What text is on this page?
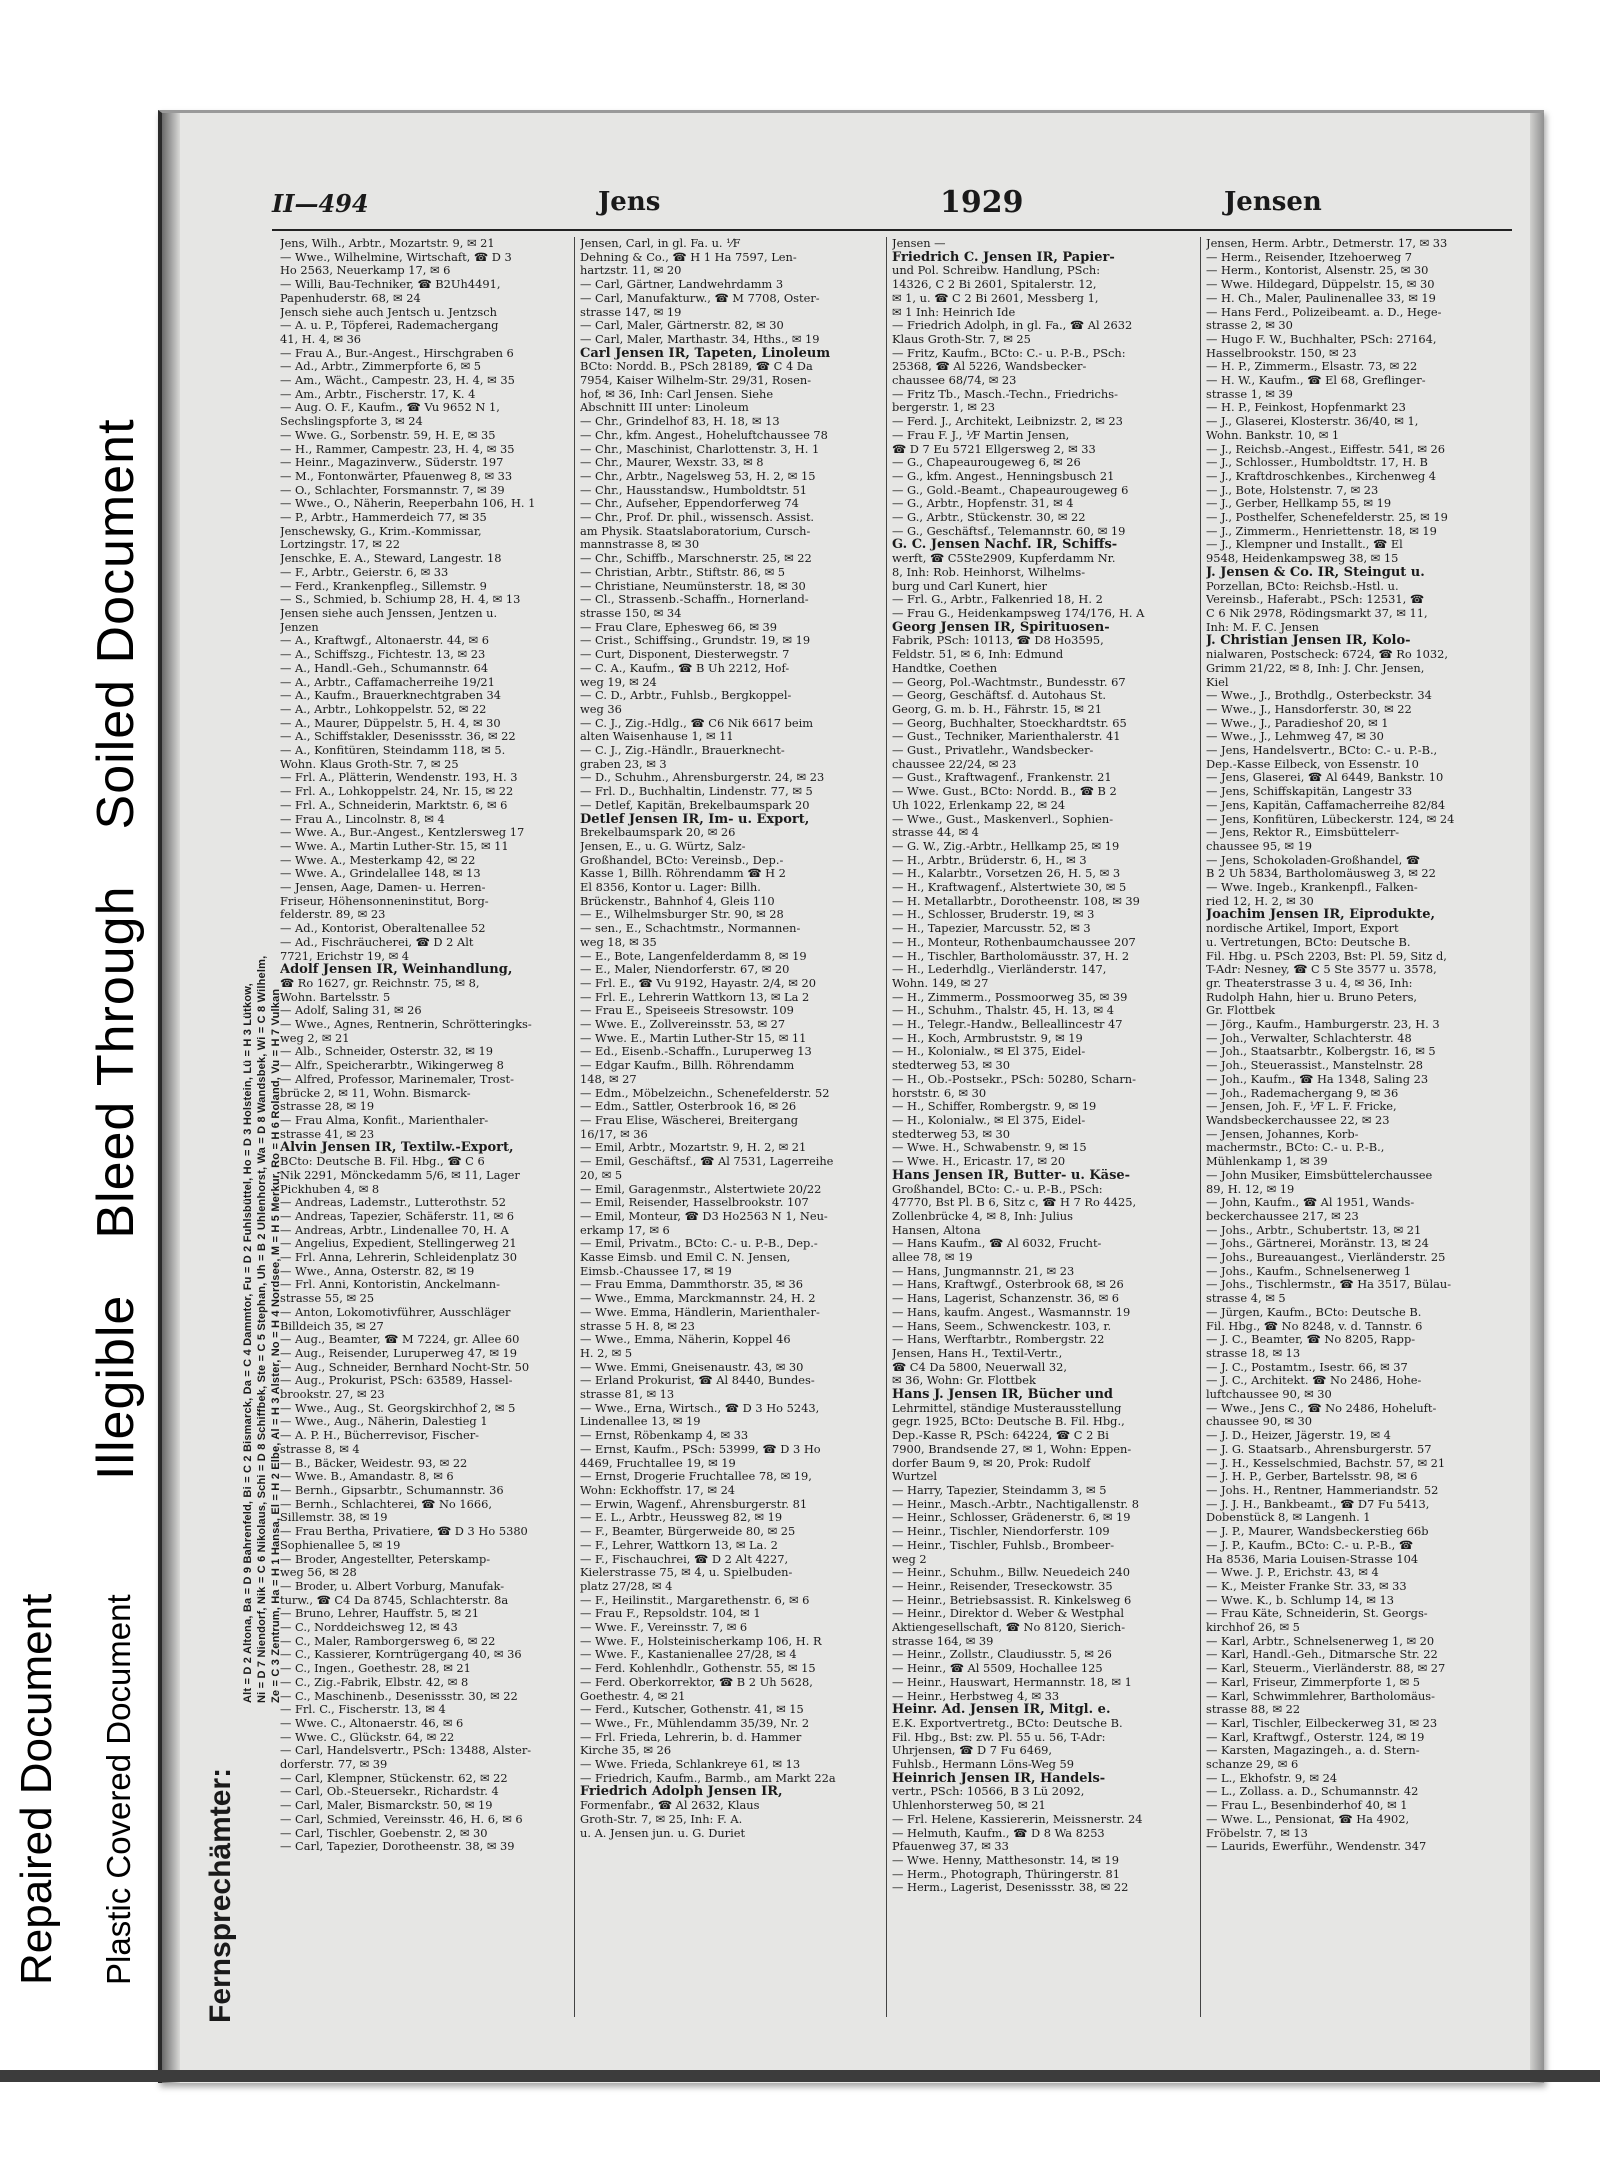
IllegibleBleed ThroughSoiled Document
Repaired Document Plastic Covered Document
II—494	Jens	1929	Jensen
Fernsprechämter:
Alt = D 2 Altona, Ba = D 9 Bahrenfeld, Bi = C 2 Bismarck, Da = C 4 Dammtor, Fu = D 2 Fuhlsbüttel, Ho = D 3 Holstein, Lü = H 3 Lütkow, Ni = D 7 Niendorf, Nik = C 6 Nikolaus, Schi = D 8 Schiffbek, Ste = C 5 Stephan, Uh = B 2 Uhlenhorst, Wa = D 8 Wandsbek, Wi = C 8 Wilhelm, Ze = C 3 Zentrum, Ha = H 1 Hansa, El = H 2 Elbe, Al = H 3 Alster, No = H 4 Nordsee, M = H 5 Merkur, Ro = H 6 Roland, Vu = H 7 Vulkan
Jens, Wilh., Arbtr., Mozartstr. 9, ✉ 21
— Wwe., Wilhelmine, Wirtschaft, ☎ D 3
Ho 2563, Neuerkamp 17, ✉ 6
— Willi, Bau-Techniker, ☎ B2Uh4491,
Papenhuderstr. 68, ✉ 24
Jensch siehe auch Jentsch u. Jentzsch
— A. u. P., Töpferei, Rademachergang
41, H. 4, ✉ 36
— Frau A., Bur.-Angest., Hirschgraben 6
— Ad., Arbtr., Zimmerpforte 6, ✉ 5
— Am., Wächt., Campestr. 23, H. 4, ✉ 35
— Am., Arbtr., Fischerstr. 17, K. 4
— Aug. O. F., Kaufm., ☎ Vu 9652 N 1,
Sechslingspforte 3, ✉ 24
— Wwe. G., Sorbenstr. 59, H. E, ✉ 35
— H., Rammer, Campestr. 23, H. 4, ✉ 35
— Heinr., Magazinverw., Süderstr. 197
— M., Fontonwärter, Pfauenweg 8, ✉ 33
— O., Schlachter, Forsmannstr. 7, ✉ 39
— Wwe., O., Näherin, Reeperbahn 106, H. 1
— P., Arbtr., Hammerdeich 77, ✉ 35
Jenschewsky, G., Krim.-Kommissar,
Lortzingstr. 17, ✉ 22
Jenschke, E. A., Steward, Langestr. 18
— F., Arbtr., Geierstr. 6, ✉ 33
— Ferd., Krankenpfleg., Sillemstr. 9
— S., Schmied, b. Schiump 28, H. 4, ✉ 13
Jensen siehe auch Jenssen, Jentzen u.
Jenzen
— A., Kraftwgf., Altonaerstr. 44, ✉ 6
— A., Schiffszg., Fichtestr. 13, ✉ 23
— A., Handl.-Geh., Schumannstr. 64
— A., Arbtr., Caffamacherreihe 19/21
— A., Kaufm., Brauerknechtgraben 34
— A., Arbtr., Lohkoppelstr. 52, ✉ 22
— A., Maurer, Düppelstr. 5, H. 4, ✉ 30
— A., Schiffstakler, Desenissstr. 36, ✉ 22
— A., Konfitüren, Steindamm 118, ✉ 5.
Wohn. Klaus Groth-Str. 7, ✉ 25
— Frl. A., Plätterin, Wendenstr. 193, H. 3
— Frl. A., Lohkoppelstr. 24, Nr. 15, ✉ 22
— Frl. A., Schneiderin, Marktstr. 6, ✉ 6
— Frau A., Lincolnstr. 8, ✉ 4
— Wwe. A., Bur.-Angest., Kentzlersweg 17
— Wwe. A., Martin Luther-Str. 15, ✉ 11
— Wwe. A., Mesterkamp 42, ✉ 22
— Wwe. A., Grindelallee 148, ✉ 13
— Jensen, Aage, Damen- u. Herren-
Friseur, Höhensonneninstitut, Borg-
felderstr. 89, ✉ 23
— Ad., Kontorist, Oberaltenallee 52
— Ad., Fischräucherei, ☎ D 2 Alt
7721, Erichstr 19, ✉ 4
Adolf Jensen IR, Weinhandlung,
☎ Ro 1627, gr. Reichnstr. 75, ✉ 8,
Wohn. Bartelsstr. 5
— Adolf, Saling 31, ✉ 26
— Wwe., Agnes, Rentnerin, Schrötteringks-
weg 2, ✉ 21
— Alb., Schneider, Osterstr. 32, ✉ 19
— Alfr., Speicherarbtr., Wikingerweg 8
— Alfred, Professor, Marinemaler, Trost-
brücke 2, ✉ 11, Wohn. Bismarck-
strasse 28, ✉ 19
— Frau Alma, Konfit., Marienthaler-
strasse 41, ✉ 23
Alvin Jensen IR, Textilw.-Export,
BCto: Deutsche B. Fil. Hbg., ☎ C 6
Nik 2291, Mönckedamm 5/6, ✉ 11, Lager
Pickhuben 4, ✉ 8
— Andreas, Lademstr., Lutterothstr. 52
— Andreas, Tapezier, Schäferstr. 11, ✉ 6
— Andreas, Arbtr., Lindenallee 70, H. A
— Angelius, Expedient, Stellingerweg 21
— Frl. Anna, Lehrerin, Schleidenplatz 30
— Wwe., Anna, Osterstr. 82, ✉ 19
— Frl. Anni, Kontoristin, Anckelmann-
strasse 55, ✉ 25
— Anton, Lokomotivführer, Ausschläger
Billdeich 35, ✉ 27
— Aug., Beamter, ☎ M 7224, gr. Allee 60
— Aug., Reisender, Luruperweg 47, ✉ 19
— Aug., Schneider, Bernhard Nocht-Str. 50
— Aug., Prokurist, PSch: 63589, Hassel-
brookstr. 27, ✉ 23
— Wwe., Aug., St. Georgskirchhof 2, ✉ 5
— Wwe., Aug., Näherin, Dalestieg 1
— A. P. H., Bücherrevisor, Fischer-
strasse 8, ✉ 4
— B., Bäcker, Weidestr. 93, ✉ 22
— Wwe. B., Amandastr. 8, ✉ 6
— Bernh., Gipsarbtr., Schumannstr. 36
— Bernh., Schlachterei, ☎ No 1666,
Sillemstr. 38, ✉ 19
— Frau Bertha, Privatiere, ☎ D 3 Ho 5380
Sophienallee 5, ✉ 19
— Broder, Angestellter, Peterskamp-
weg 56, ✉ 28
— Broder, u. Albert Vorburg, Manufak-
turw., ☎ C4 Da 8745, Schlachterstr. 8a
— Bruno, Lehrer, Hauffstr. 5, ✉ 21
— C., Norddeichsweg 12, ✉ 43
— C., Maler, Ramborgersweg 6, ✉ 22
— C., Kassierer, Korntrügergang 40, ✉ 36
— C., Ingen., Goethestr. 28, ✉ 21
— C., Zig.-Fabrik, Elbstr. 42, ✉ 8
— C., Maschinenb., Desenissstr. 30, ✉ 22
— Frl. C., Fischerstr. 13, ✉ 4
— Wwe. C., Altonaerstr. 46, ✉ 6
— Wwe. C., Glückstr. 64, ✉ 22
— Carl, Handelsvertr., PSch: 13488, Alster-
dorferstr. 77, ✉ 39
— Carl, Klempner, Stückenstr. 62, ✉ 22
— Carl, Ob.-Steuersekr., Richardstr. 4
— Carl, Maler, Bismarckstr. 50, ✉ 19
— Carl, Schmied, Vereinsstr. 46, H. 6, ✉ 6
— Carl, Tischler, Goebenstr. 2, ✉ 30
— Carl, Tapezier, Dorotheenstr. 38, ✉ 39
Jensen, Carl, in gl. Fa. u. ⅟F
Dehning & Co., ☎ H 1 Ha 7597, Len-
hartzstr. 11, ✉ 20
— Carl, Gärtner, Landwehrdamm 3
— Carl, Manufakturw., ☎ M 7708, Oster-
strasse 147, ✉ 19
— Carl, Maler, Gärtnerstr. 82, ✉ 30
— Carl, Maler, Marthastr. 34, Hths., ✉ 19
Carl Jensen IR, Tapeten, Linoleum
BCto: Nordd. B., PSch 28189, ☎ C 4 Da
7954, Kaiser Wilhelm-Str. 29/31, Rosen-
hof, ✉ 36, Inh: Carl Jensen. Siehe
Abschnitt III unter: Linoleum
— Chr., Grindelhof 83, H. 18, ✉ 13
— Chr., kfm. Angest., Hoheluftchaussee 78
— Chr., Maschinist, Charlottenstr. 3, H. 1
— Chr., Maurer, Wexstr. 33, ✉ 8
— Chr., Arbtr., Nagelsweg 53, H. 2, ✉ 15
— Chr., Hausstandsw., Humboldtstr. 51
— Chr., Aufseher, Eppendorferweg 74
— Chr., Prof. Dr. phil., wissensch. Assist.
am Physik. Staatslaboratorium, Cursch-
mannstrasse 8, ✉ 30
— Chr., Schiffb., Marschnerstr. 25, ✉ 22
— Christian, Arbtr., Stiftstr. 86, ✉ 5
— Christiane, Neumünsterstr. 18, ✉ 30
— Cl., Strassenb.-Schaffn., Hornerland-
strasse 150, ✉ 34
— Frau Clare, Ephesweg 66, ✉ 39
— Crist., Schiffsing., Grundstr. 19, ✉ 19
— Curt, Disponent, Diesterwegstr. 7
— C. A., Kaufm., ☎ B Uh 2212, Hof-
weg 19, ✉ 24
— C. D., Arbtr., Fuhlsb., Bergkoppel-
weg 36
— C. J., Zig.-Hdlg., ☎ C6 Nik 6617 beim
alten Waisenhause 1, ✉ 11
— C. J., Zig.-Händlr., Brauerknecht-
graben 23, ✉ 3
— D., Schuhm., Ahrensburgerstr. 24, ✉ 23
— Frl. D., Buchhaltin, Lindenstr. 77, ✉ 5
— Detlef, Kapitän, Brekelbaumspark 20
Detlef Jensen IR, Im- u. Export,
Brekelbaumspark 20, ✉ 26
Jensen, E., u. G. Würtz, Salz-
Großhandel, BCto: Vereinsb., Dep.-
Kasse 1, Billh. Röhrendamm ☎ H 2
El 8356, Kontor u. Lager: Billh.
Brückenstr., Bahnhof 4, Gleis 110
— E., Wilhelmsburger Str. 90, ✉ 28
— sen., E., Schachtmstr., Normannen-
weg 18, ✉ 35
— E., Bote, Langenfelderdamm 8, ✉ 19
— E., Maler, Niendorferstr. 67, ✉ 20
— Frl. E., ☎ Vu 9192, Hayastr. 2/4, ✉ 20
— Frl. E., Lehrerin Wattkorn 13, ✉ La 2
— Frau E., Speiseeis Stresowstr. 109
— Wwe. E., Zollvereinsstr. 53, ✉ 27
— Wwe. E., Martin Luther-Str 15, ✉ 11
— Ed., Eisenb.-Schaffn., Luruperweg 13
— Edgar Kaufm., Billh. Röhrendamm
148, ✉ 27
— Edm., Möbelzeichn., Schenefelderstr. 52
— Edm., Sattler, Osterbrook 16, ✉ 26
— Frau Elise, Wäscherei, Breitergang
16/17, ✉ 36
— Emil, Arbtr., Mozartstr. 9, H. 2, ✉ 21
— Emil, Geschäftsf., ☎ Al 7531, Lagerreihe
20, ✉ 5
— Emil, Garagenmstr., Alstertwiete 20/22
— Emil, Reisender, Hasselbrookstr. 107
— Emil, Monteur, ☎ D3 Ho2563 N 1, Neu-
erkamp 17, ✉ 6
— Emil, Privatm., BCto: C.- u. P.-B., Dep.-
Kasse Eimsb. und Emil C. N. Jensen,
Eimsb.-Chaussee 17, ✉ 19
— Frau Emma, Dammthorstr. 35, ✉ 36
— Wwe., Emma, Marckmannstr. 24, H. 2
— Wwe. Emma, Händlerin, Marienthaler-
strasse 5 H. 8, ✉ 23
— Wwe., Emma, Näherin, Koppel 46
H. 2, ✉ 5
— Wwe. Emmi, Gneisenaustr. 43, ✉ 30
— Erland Prokurist, ☎ Al 8440, Bundes-
strasse 81, ✉ 13
— Wwe., Erna, Wirtsch., ☎ D 3 Ho 5243,
Lindenallee 13, ✉ 19
— Ernst, Röbenkamp 4, ✉ 33
— Ernst, Kaufm., PSch: 53999, ☎ D 3 Ho
4469, Fruchtallee 19, ✉ 19
— Ernst, Drogerie Fruchtallee 78, ✉ 19,
Wohn: Eckhoffstr. 17, ✉ 24
— Erwin, Wagenf., Ahrensburgerstr. 81
— E. L., Arbtr., Heussweg 82, ✉ 19
— F., Beamter, Bürgerweide 80, ✉ 25
— F., Lehrer, Wattkorn 13, ✉ La. 2
— F., Fischauchrei, ☎ D 2 Alt 4227,
Kielerstrasse 75, ✉ 4, u. Spielbuden-
platz 27/28, ✉ 4
— F., Heilinstit., Margarethenstr. 6, ✉ 6
— Frau F., Repsoldstr. 104, ✉ 1
— Wwe. F., Vereinsstr. 7, ✉ 6
— Wwe. F., Holsteinischerkamp 106, H. R
— Wwe. F., Kastanienallee 27/28, ✉ 4
— Ferd. Kohlenhdlr., Gothenstr. 55, ✉ 15
— Ferd. Oberkorrektor, ☎ B 2 Uh 5628,
Goethestr. 4, ✉ 21
— Ferd., Kutscher, Gothenstr. 41, ✉ 15
— Wwe., Fr., Mühlendamm 35/39, Nr. 2
— Frl. Frieda, Lehrerin, b. d. Hammer
Kirche 35, ✉ 26
— Wwe. Frieda, Schlankreye 61, ✉ 13
— Friedrich, Kaufm., Barmb., am Markt 22a
Friedrich Adolph Jensen IR,
Formenfabr., ☎ Al 2632, Klaus
Groth-Str. 7, ✉ 25, Inh: F. A.
u. A. Jensen jun. u. G. Duriet
Jensen —
Friedrich C. Jensen IR, Papier-
und Pol. Schreibw. Handlung, PSch:
14326, C 2 Bi 2601, Spitalerstr. 12,
✉ 1, u. ☎ C 2 Bi 2601, Messberg 1,
✉ 1 Inh: Heinrich Ide
— Friedrich Adolph, in gl. Fa., ☎ Al 2632
Klaus Groth-Str. 7, ✉ 25
— Fritz, Kaufm., BCto: C.- u. P.-B., PSch:
25368, ☎ Al 5226, Wandsbecker-
chaussee 68/74, ✉ 23
— Fritz Tb., Masch.-Techn., Friedrichs-
bergerstr. 1, ✉ 23
— Ferd. J., Architekt, Leibnizstr. 2, ✉ 23
— Frau F. J., ⅟F Martin Jensen,
☎ D 7 Eu 5721 Ellgersweg 2, ✉ 33
— G., Chapeaurougeweg 6, ✉ 26
— G., kfm. Angest., Henningsbusch 21
— G., Gold.-Beamt., Chapeaurougeweg 6
— G., Arbtr., Hopfenstr. 31, ✉ 4
— G., Arbtr., Stückenstr. 30, ✉ 22
— G., Geschäftsf., Telemannstr. 60, ✉ 19
G. C. Jensen Nachf. IR, Schiffs-
werft, ☎ C5Ste2909, Kupferdamm Nr.
8, Inh: Rob. Heinhorst, Wilhelms-
burg und Carl Kunert, hier
— Frl. G., Arbtr., Falkenried 18, H. 2
— Frau G., Heidenkampsweg 174/176, H. A
Georg Jensen IR, Spirituosen-
Fabrik, PSch: 10113, ☎ D8 Ho3595,
Feldstr. 51, ✉ 6, Inh: Edmund
Handtke, Coethen
— Georg, Pol.-Wachtmstr., Bundesstr. 67
— Georg, Geschäftsf. d. Autohaus St.
Georg, G. m. b. H., Fährstr. 15, ✉ 21
— Georg, Buchhalter, Stoeckhardtstr. 65
— Gust., Techniker, Marienthalerstr. 41
— Gust., Privatlehr., Wandsbecker-
chaussee 22/24, ✉ 23
— Gust., Kraftwagenf., Frankenstr. 21
— Wwe. Gust., BCto: Nordd. B., ☎ B 2
Uh 1022, Erlenkamp 22, ✉ 24
— Wwe., Gust., Maskenverl., Sophien-
strasse 44, ✉ 4
— G. W., Zig.-Arbtr., Hellkamp 25, ✉ 19
— H., Arbtr., Brüderstr. 6, H., ✉ 3
— H., Kalarbtr., Vorsetzen 26, H. 5, ✉ 3
— H., Kraftwagenf., Alstertwiete 30, ✉ 5
— H. Metallarbtr., Dorotheenstr. 108, ✉ 39
— H., Schlosser, Bruderstr. 19, ✉ 3
— H., Tapezier, Marcusstr. 52, ✉ 3
— H., Monteur, Rothenbaumchaussee 207
— H., Tischler, Bartholomäusstr. 37, H. 2
— H., Lederhdlg., Vierländerstr. 147,
Wohn. 149, ✉ 27
— H., Zimmerm., Possmoorweg 35, ✉ 39
— H., Schuhm., Thalstr. 45, H. 13, ✉ 4
— H., Telegr.-Handw., Belleallincestr 47
— H., Koch, Armbruststr. 9, ✉ 19
— H., Kolonialw., ✉ El 375, Eidel-
stedterweg 53, ✉ 30
— H., Ob.-Postsekr., PSch: 50280, Scharn-
horststr. 6, ✉ 30
— H., Schiffer, Rombergstr. 9, ✉ 19
— H., Kolonialw., ✉ El 375, Eidel-
stedterweg 53, ✉ 30
— Wwe. H., Schwabenstr. 9, ✉ 15
— Wwe. H., Ericastr. 17, ✉ 20
Hans Jensen IR, Butter- u. Käse-
Großhandel, BCto: C.- u. P.-B., PSch:
47770, Bst Pl. B 6, Sitz c, ☎ H 7 Ro 4425,
Zollenbrücke 4, ✉ 8, Inh: Julius
Hansen, Altona
— Hans Kaufm., ☎ Al 6032, Frucht-
allee 78, ✉ 19
— Hans, Jungmannstr. 21, ✉ 23
— Hans, Kraftwgf., Osterbrook 68, ✉ 26
— Hans, Lagerist, Schanzenstr. 36, ✉ 6
— Hans, kaufm. Angest., Wasmannstr. 19
— Hans, Seem., Schwenckestr. 103, r.
— Hans, Werftarbtr., Rombergstr. 22
Jensen, Hans H., Textil-Vertr.,
☎ C4 Da 5800, Neuerwall 32,
✉ 36, Wohn: Gr. Flottbek
Hans J. Jensen IR, Bücher und
Lehrmittel, ständige Musterausstellung
gegr. 1925, BCto: Deutsche B. Fil. Hbg.,
Dep.-Kasse R, PSch: 64224, ☎ C 2 Bi
7900, Brandsende 27, ✉ 1, Wohn: Eppen-
dorfer Baum 9, ✉ 20, Prok: Rudolf
Wurtzel
— Harry, Tapezier, Steindamm 3, ✉ 5
— Heinr., Masch.-Arbtr., Nachtigallenstr. 8
— Heinr., Schlosser, Grädenerstr. 6, ✉ 19
— Heinr., Tischler, Niendorferstr. 109
— Heinr., Tischler, Fuhlsb., Brombeer-
weg 2
— Heinr., Schuhm., Billw. Neuedeich 240
— Heinr., Reisender, Treseckowstr. 35
— Heinr., Betriebsassist. R. Kinkelsweg 6
— Heinr., Direktor d. Weber & Westphal
Aktiengesellschaft, ☎ No 8120, Sierich-
strasse 164, ✉ 39
— Heinr., Zollstr., Claudiusstr. 5, ✉ 26
— Heinr., ☎ Al 5509, Hochallee 125
— Heinr., Hauswart, Hermannstr. 18, ✉ 1
— Heinr., Herbstweg 4, ✉ 33
Heinr. Ad. Jensen IR, Mitgl. e.
E.K. Exportvertretg., BCto: Deutsche B.
Fil. Hbg., Bst: zw. Pl. 55 u. 56, T-Adr:
Uhrjensen, ☎ D 7 Fu 6469,
Fuhlsb., Hermann Löns-Weg 59
Heinrich Jensen IR, Handels-
vertr., PSch: 10566, B 3 Lü 2092,
Uhlenhorsterweg 50, ✉ 21
— Frl. Helene, Kassiererin, Meissnerstr. 24
— Helmuth, Kaufm., ☎ D 8 Wa 8253
Pfauenweg 37, ✉ 33
— Wwe. Henny, Matthesonstr. 14, ✉ 19
— Herm., Photograph, Thüringerstr. 81
— Herm., Lagerist, Desenissstr. 38, ✉ 22
Jensen, Herm. Arbtr., Detmerstr. 17, ✉ 33
— Herm., Reisender, Itzehoerweg 7
— Herm., Kontorist, Alsenstr. 25, ✉ 30
— Wwe. Hildegard, Düppelstr. 15, ✉ 30
— H. Ch., Maler, Paulinenallee 33, ✉ 19
— Hans Ferd., Polizeibeamt. a. D., Hege-
strasse 2, ✉ 30
— Hugo F. W., Buchhalter, PSch: 27164,
Hasselbrookstr. 150, ✉ 23
— H. P., Zimmerm., Elsastr. 73, ✉ 22
— H. W., Kaufm., ☎ El 68, Greflinger-
strasse 1, ✉ 39
— H. P., Feinkost, Hopfenmarkt 23
— J., Glaserei, Klosterstr. 36/40, ✉ 1,
Wohn. Bankstr. 10, ✉ 1
— J., Reichsb.-Angest., Eiffestr. 541, ✉ 26
— J., Schlosser., Humboldtstr. 17, H. B
— J., Kraftdroschkenbes., Kirchenweg 4
— J., Bote, Holstenstr. 7, ✉ 23
— J., Gerber, Hellkamp 55, ✉ 19
— J., Posthelfer, Schenefelderstr. 25, ✉ 19
— J., Zimmerm., Henriettenstr. 18, ✉ 19
— J., Klempner und Installt., ☎ El
9548, Heidenkampsweg 38, ✉ 15
J. Jensen & Co. IR, Steingut u.
Porzellan, BCto: Reichsb.-Hstl. u.
Vereinsb., Haferabt., PSch: 12531, ☎
C 6 Nik 2978, Rödingsmarkt 37, ✉ 11,
Inh: M. F. C. Jensen
J. Christian Jensen IR, Kolo-
nialwaren, Postscheck: 6724, ☎ Ro 1032,
Grimm 21/22, ✉ 8, Inh: J. Chr. Jensen,
Kiel
— Wwe., J., Brothdlg., Osterbeckstr. 34
— Wwe., J., Hansdorferstr. 30, ✉ 22
— Wwe., J., Paradieshof 20, ✉ 1
— Wwe., J., Lehmweg 47, ✉ 30
— Jens, Handelsvertr., BCto: C.- u. P.-B.,
Dep.-Kasse Eilbeck, von Essenstr. 10
— Jens, Glaserei, ☎ Al 6449, Bankstr. 10
— Jens, Schiffskapitän, Langestr 33
— Jens, Kapitän, Caffamacherreihe 82/84
— Jens, Konfitüren, Lübeckerstr. 124, ✉ 24
— Jens, Rektor R., Eimsbüttelerr-
chaussee 95, ✉ 19
— Jens, Schokoladen-Großhandel, ☎
B 2 Uh 5834, Bartholomäusweg 3, ✉ 22
— Wwe. Ingeb., Krankenpfl., Falken-
ried 12, H. 2, ✉ 30
Joachim Jensen IR, Eiprodukte,
nordische Artikel, Import, Export
u. Vertretungen, BCto: Deutsche B.
Fil. Hbg. u. PSch 2203, Bst: Pl. 59, Sitz d,
T-Adr: Nesney, ☎ C 5 Ste 3577 u. 3578,
gr. Theaterstrasse 3 u. 4, ✉ 36, Inh:
Rudolph Hahn, hier u. Bruno Peters,
Gr. Flottbek
— Jörg., Kaufm., Hamburgerstr. 23, H. 3
— Joh., Verwalter, Schlachterstr. 48
— Joh., Staatsarbtr., Kolbergstr. 16, ✉ 5
— Joh., Steuerassist., Manstelnstr. 28
— Joh., Kaufm., ☎ Ha 1348, Saling 23
— Joh., Rademachergang 9, ✉ 36
— Jensen, Joh. F., ⅟F L. F. Fricke,
Wandsbeckerchaussee 22, ✉ 23
— Jensen, Johannes, Korb-
machermstr., BCto: C.- u. P.-B.,
Mühlenkamp 1, ✉ 39
— John Musiker, Eimsbüttelerchaussee
89, H. 12, ✉ 19
— John, Kaufm., ☎ Al 1951, Wands-
beckerchaussee 217, ✉ 23
— Johs., Arbtr., Schubertstr. 13, ✉ 21
— Johs., Gärtnerei, Moränstr. 13, ✉ 24
— Johs., Bureauangest., Vierländerstr. 25
— Johs., Kaufm., Schnelsenerweg 1
— Johs., Tischlermstr., ☎ Ha 3517, Bülau-
strasse 4, ✉ 5
— Jürgen, Kaufm., BCto: Deutsche B.
Fil. Hbg., ☎ No 8248, v. d. Tannstr. 6
— J. C., Beamter, ☎ No 8205, Rapp-
strasse 18, ✉ 13
— J. C., Postamtm., Isestr. 66, ✉ 37
— J. C., Architekt. ☎ No 2486, Hohe-
luftchaussee 90, ✉ 30
— Wwe., Jens C., ☎ No 2486, Hoheluft-
chaussee 90, ✉ 30
— J. D., Heizer, Jägerstr. 19, ✉ 4
— J. G. Staatsarb., Ahrensburgerstr. 57
— J. H., Kesselschmied, Bachstr. 57, ✉ 21
— J. H. P., Gerber, Bartelsstr. 98, ✉ 6
— Johs. H., Rentner, Hammeriandstr. 52
— J. J. H., Bankbeamt., ☎ D7 Fu 5413,
Dobenstück 8, ✉ Langenh. 1
— J. P., Maurer, Wandsbeckerstieg 66b
— J. P., Kaufm., BCto: C.- u. P.-B., ☎
Ha 8536, Maria Louisen-Strasse 104
— Wwe. J. P., Erichstr. 43, ✉ 4
— K., Meister Franke Str. 33, ✉ 33
— Wwe. K., b. Schlump 14, ✉ 13
— Frau Käte, Schneiderin, St. Georgs-
kirchhof 26, ✉ 5
— Karl, Arbtr., Schnelsenerweg 1, ✉ 20
— Karl, Handl.-Geh., Ditmarsche Str. 22
— Karl, Steuerm., Vierländerstr. 88, ✉ 27
— Karl, Friseur, Zimmerpforte 1, ✉ 5
— Karl, Schwimmlehrer, Bartholomäus-
strasse 88, ✉ 22
— Karl, Tischler, Eilbeckerweg 31, ✉ 23
— Karl, Kraftwgf., Osterstr. 124, ✉ 19
— Karsten, Magazingeh., a. d. Stern-
schanze 29, ✉ 6
— L., Ekhofstr. 9, ✉ 24
— L., Zollass. a. D., Schumannstr. 42
— Frau L., Besenbinderhof 40, ✉ 1
— Wwe. L., Pensionat, ☎ Ha 4902,
Fröbelstr. 7, ✉ 13
— Laurids, Ewerführ., Wendenstr. 347
